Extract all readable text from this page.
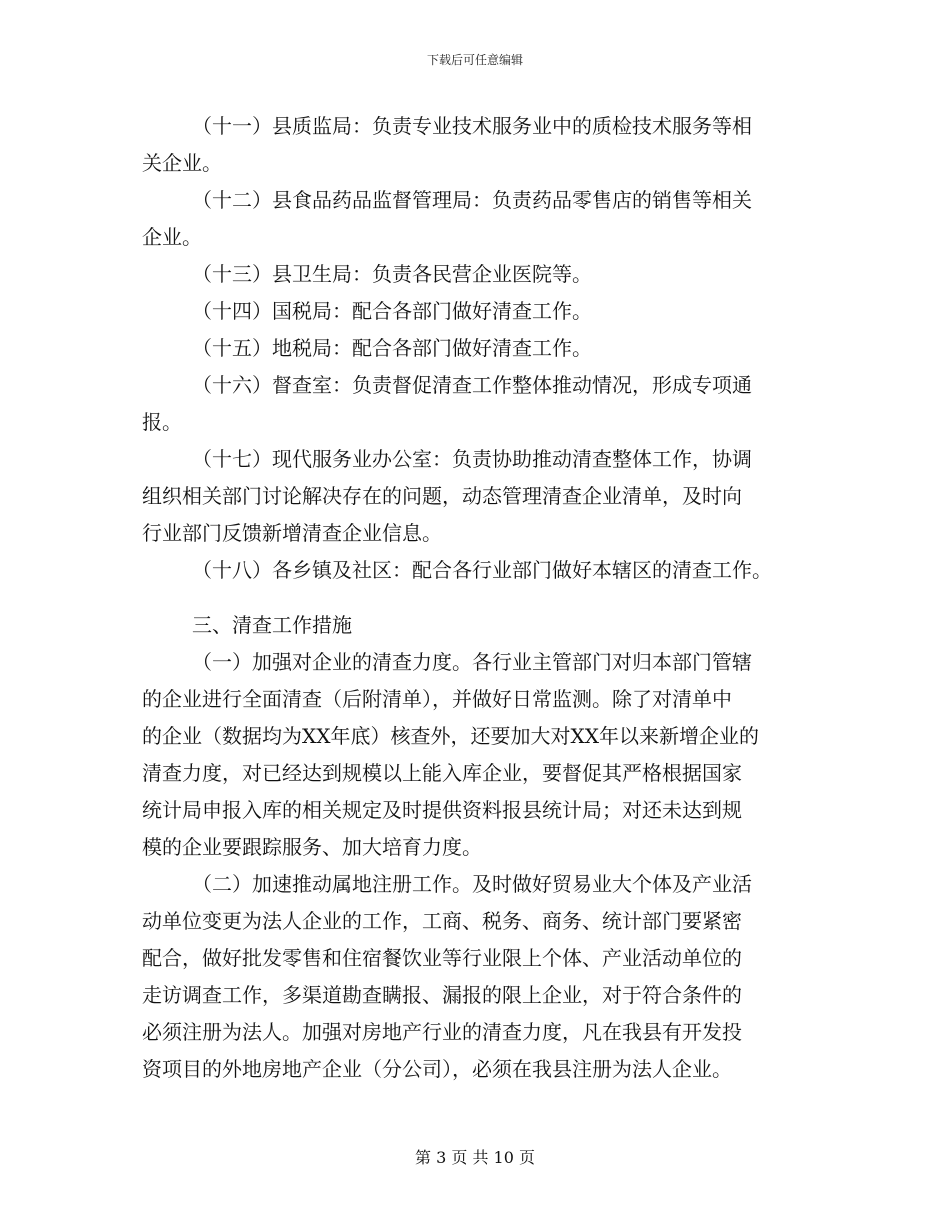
下载后可任意编辑
（十一）县质监局：负责专业技术服务业中的质检技术服务等相
关企业。
（十二）县食品药品监督管理局：负责药品零售店的销售等相关
企业。
（十三）县卫生局：负责各民营企业医院等。
（十四）国税局：配合各部门做好清查工作。
（十五）地税局：配合各部门做好清查工作。
（十六）督查室：负责督促清查工作整体推动情况，形成专项通
报。
（十七）现代服务业办公室：负责协助推动清查整体工作，协调
组织相关部门讨论解决存在的问题，动态管理清查企业清单，及时向
行业部门反馈新增清查企业信息。
（十八）各乡镇及社区：配合各行业部门做好本辖区的清查工作。
三、清查工作措施
（一）加强对企业的清查力度。各行业主管部门对归本部门管辖
的企业进行全面清查（后附清单），并做好日常监测。除了对清单中
的企业（数据均为XX年底）核查外，还要加大对XX年以来新增企业的
清查力度，对已经达到规模以上能入库企业，要督促其严格根据国家
统计局申报入库的相关规定及时提供资料报县统计局；对还未达到规
模的企业要跟踪服务、加大培育力度。
（二）加速推动属地注册工作。及时做好贸易业大个体及产业活
动单位变更为法人企业的工作，工商、税务、商务、统计部门要紧密
配合，做好批发零售和住宿餐饮业等行业限上个体、产业活动单位的
走访调查工作，多渠道勘查瞒报、漏报的限上企业，对于符合条件的
必须注册为法人。加强对房地产行业的清查力度，凡在我县有开发投
资项目的外地房地产企业（分公司），必须在我县注册为法人企业。
第 3 页 共 10 页
